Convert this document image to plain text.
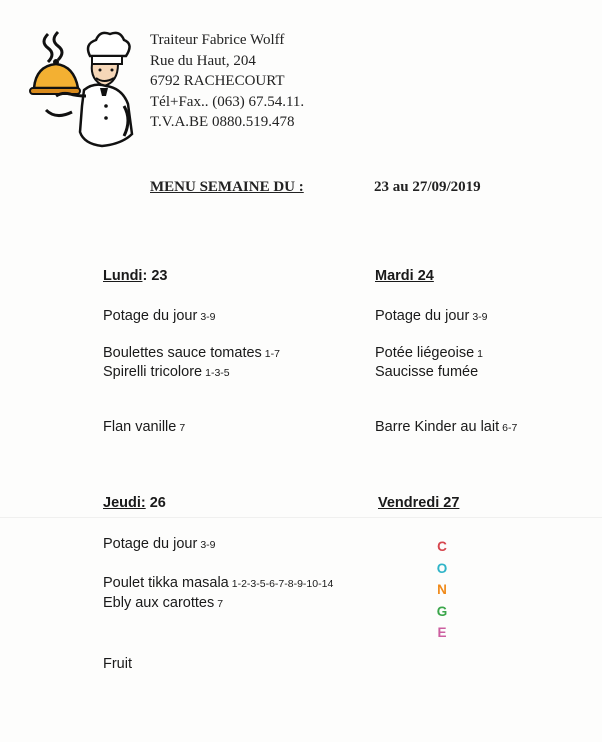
Traiteur Fabrice Wolff
Rue du Haut, 204
6792 RACHECOURT
Tél+Fax.. (063) 67.54.11.
T.V.A.BE 0880.519.478
MENU SEMAINE DU :	23 au 27/09/2019
Lundi: 23
Potage du jour 3-9
Boulettes sauce tomates 1-7
Spirelli tricolore 1-3-5
Flan vanille 7
Mardi 24
Potage du jour 3-9
Potée liégeoise 1
Saucisse fumée
Barre Kinder au lait 6-7
Jeudi: 26
Potage du jour 3-9
Poulet tikka masala 1-2-3-5-6-7-8-9-10-14
Ebly aux carottes 7
Fruit
Vendredi 27
C
O
N
G
E
